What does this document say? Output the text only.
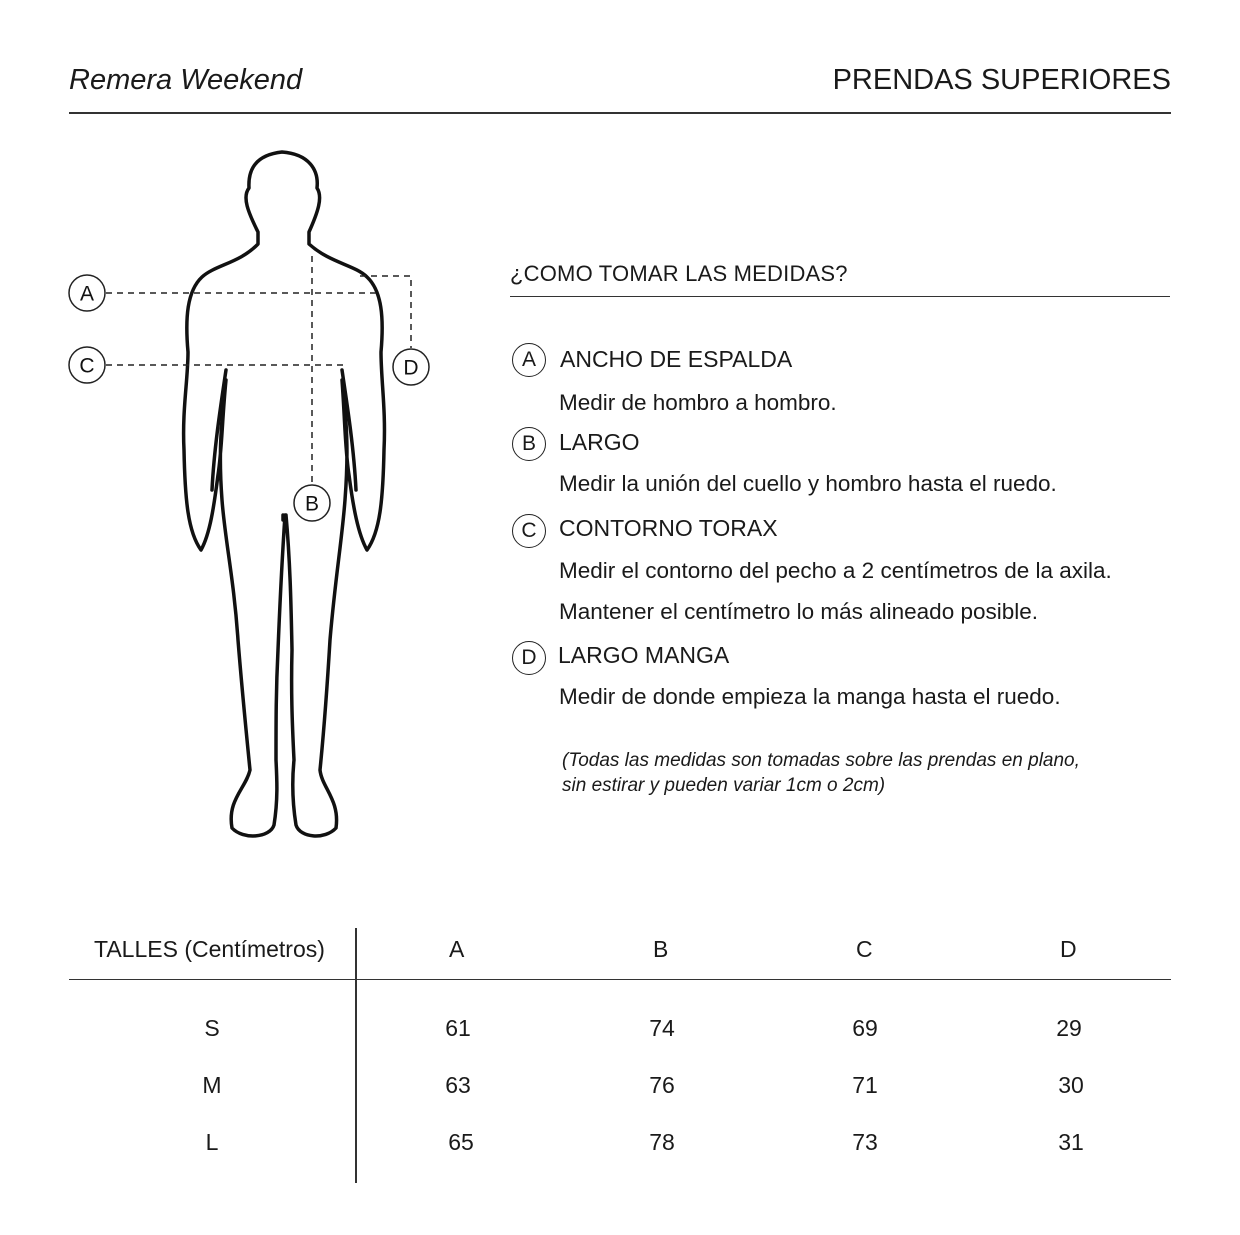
Remera Weekend	PRENDAS SUPERIORES
A
C	D
B
¿COMO TOMAR LAS MEDIDAS?
A	ANCHO DE ESPALDA
Medir de hombro a hombro.
B	LARGO
Medir la unión del cuello y hombro hasta el ruedo.
C CONTORNO TORAX
Medir el contorno del pecho a 2 centímetros de la axila.
Mantener el centímetro lo más alineado posible.
D LARGO MANGA
Medir de donde empieza la manga hasta el ruedo.
(Todas las medidas son tomadas sobre las prendas en plano,
sin estirar y pueden variar 1cm o 2cm)
TALLES (Centímetros)	A	B	C	D
S	61	74	69	29
M	63	76	71	30
L	65	78	73	31
